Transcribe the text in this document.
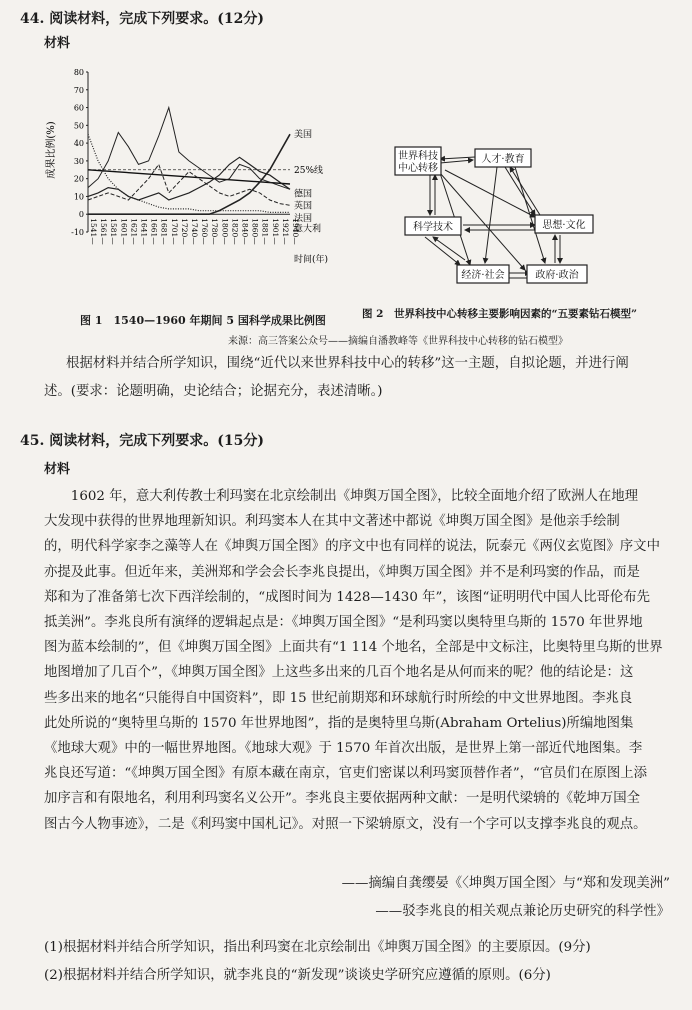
44. 阅读材料，完成下列要求。(12分)
材料
成果比例(%)
80
70
60
50
40
30
20
10
0
-10 1541— 1561— 1581— 1601— 1621— 1641— 1661— 1681— 1701— 1720— 1740— 1760— 1780— 1800— 1820— 1840— 1860— 1881— 1901— 1921— 1940—
美国
德国
英国
法国
意大利
25%线
时间(年)
世界科技
中心转移
人才·教育
科学技术	思想·文化
经济·社会	政府·政治
图 1　1540—1960 年期间 5 国科学成果比例图	图 2　世界科技中心转移主要影响因素的“五要素钻石模型”
来源：高三答案公众号——摘编自潘教峰等《世界科技中心转移的钻石模型》
根据材料并结合所学知识，围绕“近代以来世界科技中心的转移”这一主题，自拟论题，并进行阐
述。(要求：论题明确，史论结合；论据充分，表述清晰。)
45. 阅读材料，完成下列要求。(15分)
材料

1602 年，意大利传教士利玛窦在北京绘制出《坤舆万国全图》，比较全面地介绍了欧洲人在地理

大发现中获得的世界地理新知识。利玛窦本人在其中文著述中都说《坤舆万国全图》是他亲手绘制

的，明代科学家李之藻等人在《坤舆万国全图》的序文中也有同样的说法，阮泰元《两仪玄览图》序文中

亦提及此事。但近年来，美洲郑和学会会长李兆良提出，《坤舆万国全图》并不是利玛窦的作品，而是

郑和为了准备第七次下西洋绘制的，“成图时间为 1428—1430 年”，该图“证明明代中国人比哥伦布先

抵美洲”。李兆良所有演绎的逻辑起点是：《坤舆万国全图》“是利玛窦以奥特里乌斯的 1570 年世界地

图为蓝本绘制的”，但《坤舆万国全图》上面共有“1 114 个地名，全部是中文标注，比奥特里乌斯的世界

地图增加了几百个”，《坤舆万国全图》上这些多出来的几百个地名是从何而来的呢？他的结论是：这

些多出来的地名“只能得自中国资料”，即 15 世纪前期郑和环球航行时所绘的中文世界地图。李兆良

此处所说的“奥特里乌斯的 1570 年世界地图”，指的是奥特里乌斯(Abraham Ortelius)所编地图集

《地球大观》中的一幅世界地图。《地球大观》于 1570 年首次出版，是世界上第一部近代地图集。李

兆良还写道：“《坤舆万国全图》有原本藏在南京，官吏们密谋以利玛窦顶替作者”，“官员们在原图上添

加序言和有限地名，利用利玛窦名义公开”。李兆良主要依据两种文献：一是明代梁辀的《乾坤万国全

图古今人物事迹》，二是《利玛窦中国札记》。对照一下梁辀原文，没有一个字可以支撑李兆良的观点。

——摘编自龚缨晏《〈坤舆万国全图〉与“郑和发现美洲”
——驳李兆良的相关观点兼论历史研究的科学性》
(1)根据材料并结合所学知识，指出利玛窦在北京绘制出《坤舆万国全图》的主要原因。(9分)
(2)根据材料并结合所学知识，就李兆良的“新发现”谈谈史学研究应遵循的原则。(6分)
